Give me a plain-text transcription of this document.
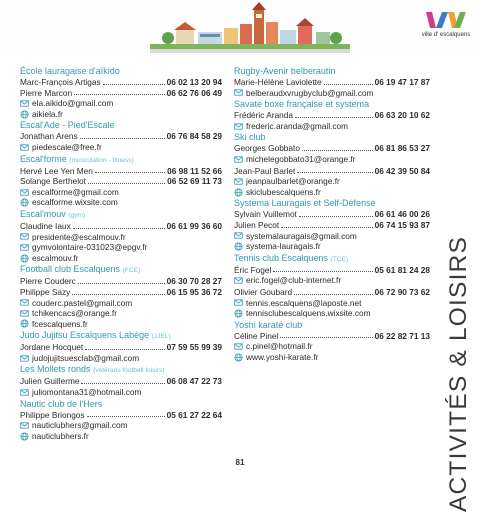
ville d' escalquens
École lauragaise d'aïkido
Marc-François Artigas	06 02 13 20 94
Pierre Marcon	06 62 76 06 49
ela.aikido@gmail.com
aikiela.fr
Escal'Ade - Pied'Escale
Jonathan Arens	06 76 84 58 29
piedescale@free.fr
Escal'forme (musculation - fitness)
Hervé Lee Yen Men	06 98 11 52 66
Solange Berthelot	06 52 69 11 73
escalforme@gmail.com
escalforme.wixsite.com
Escal'mouv (gym)
Claudine Iaux	06 61 99 36 60
presidente@escalmouv.fr
gymvolontaire-031023@epgv.fr
escalmouv.fr
Football club Escalquens (FCE)
Pierre Couderc	06 30 70 28 27
Philippe Sazy	06 15 95 36 72
couderc.pastel@gmail.com
tchikencacs@orange.fr
fcescalquens.fr
Judo Jujitsu Escalquens Labège (JJEL)
Jordane Hocquet	07 59 55 99 39
judojujitsuesclab@gmail.com
Les Mollets ronds (vétérans football loisirs)
Julien Guillerme	06 08 47 22 73
juliomontana31@hotmail.com
Nautic club de l'Hers
Philippe Briongos	05 61 27 22 64
nauticlubhers@gmail.com
nauticlubhers.fr
Rugby-Avenir belberautin
Marie-Hélène Laviolette	06 19 47 17 87
belberaudxvrugbyclub@gmail.com
Savate boxe française et systema
Frédéric Aranda	06 63 20 10 62
frederic.aranda@gmail.com
Ski club
Georges Gobbato	06 81 86 53 27
michelegobbato31@orange.fr
Jean-Paul Barlet	06 42 39 50 84
jeanpaulbarlet@orange.fr
skiclubescalquens.fr
Systema Lauragais et Self-Défense
Sylvain Vuillemot	06 61 46 00 26
Julien Pecot	06 74 15 93 87
systemalauragais@gmail.com
systema-lauragais.fr
Tennis club Escalquens (TCE)
Éric Fogel	05 61 81 24 28
eric.fogel@club-internet.fr
Olivier Goubard	06 72 90 73 62
tennis.escalquens@laposte.net
tennisclubescalquens.wixsite.com
Yoshi karaté club
Céline Pinel	06 22 82 71 13
c.pinel@hotmail.fr
www.yoshi-karate.fr	ACTIVITÉS & LOISIRS
81
